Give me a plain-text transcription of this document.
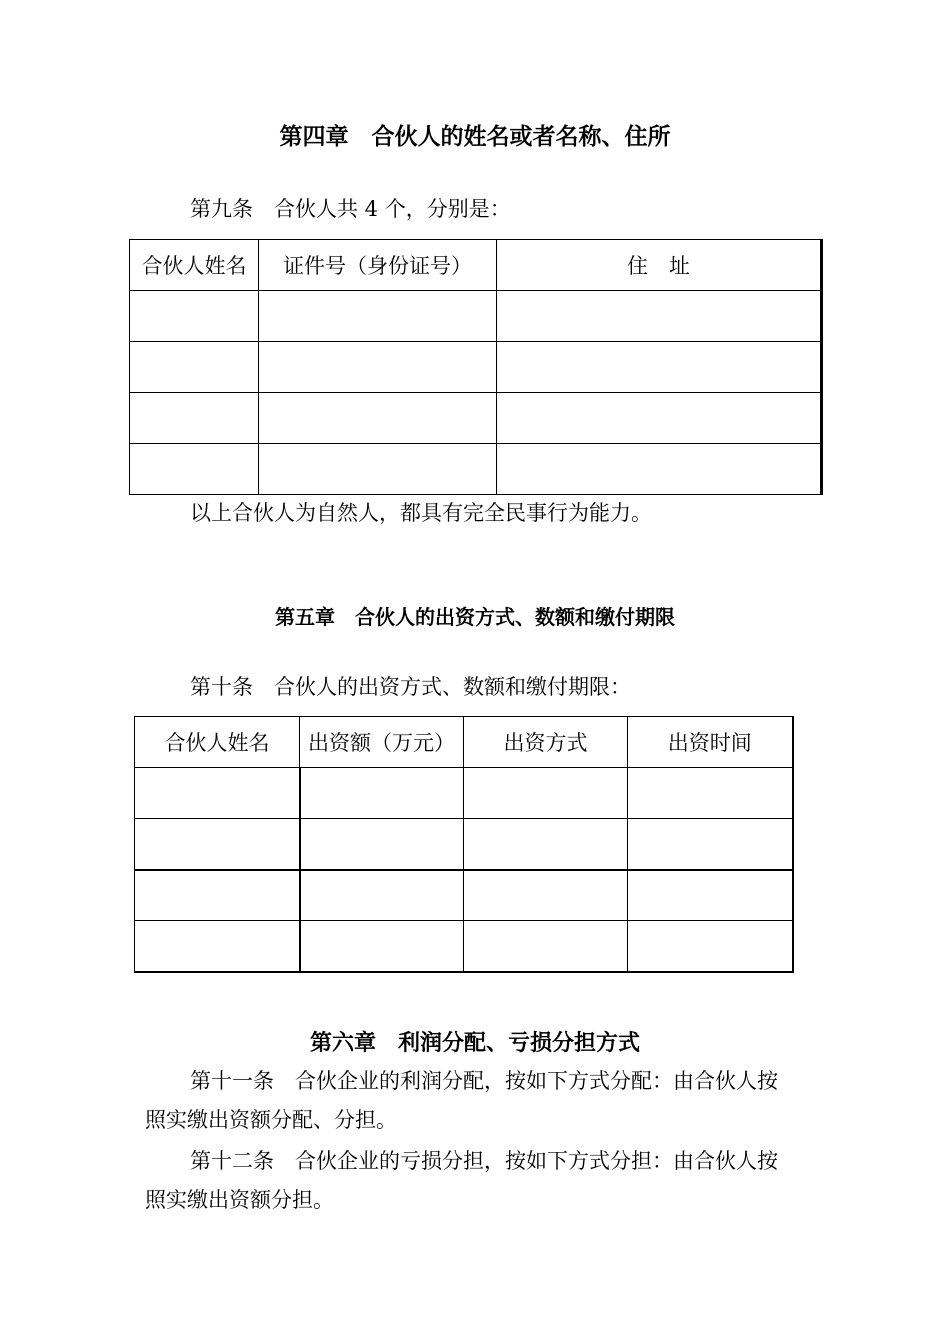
第四章　合伙人的姓名或者名称、住所
第九条　合伙人共 4 个，分别是：
合伙人姓名	证件号（身份证号）	住　址

以上合伙人为自然人，都具有完全民事行为能力。
第五章　合伙人的出资方式、数额和缴付期限
第十条　合伙人的出资方式、数额和缴付期限：
合伙人姓名	出资额（万元）	出资方式	出资时间

第六章　利润分配、亏损分担方式
第十一条　合伙企业的利润分配，按如下方式分配：由合伙人按
照实缴出资额分配、分担。
第十二条　合伙企业的亏损分担，按如下方式分担：由合伙人按
照实缴出资额分担。
